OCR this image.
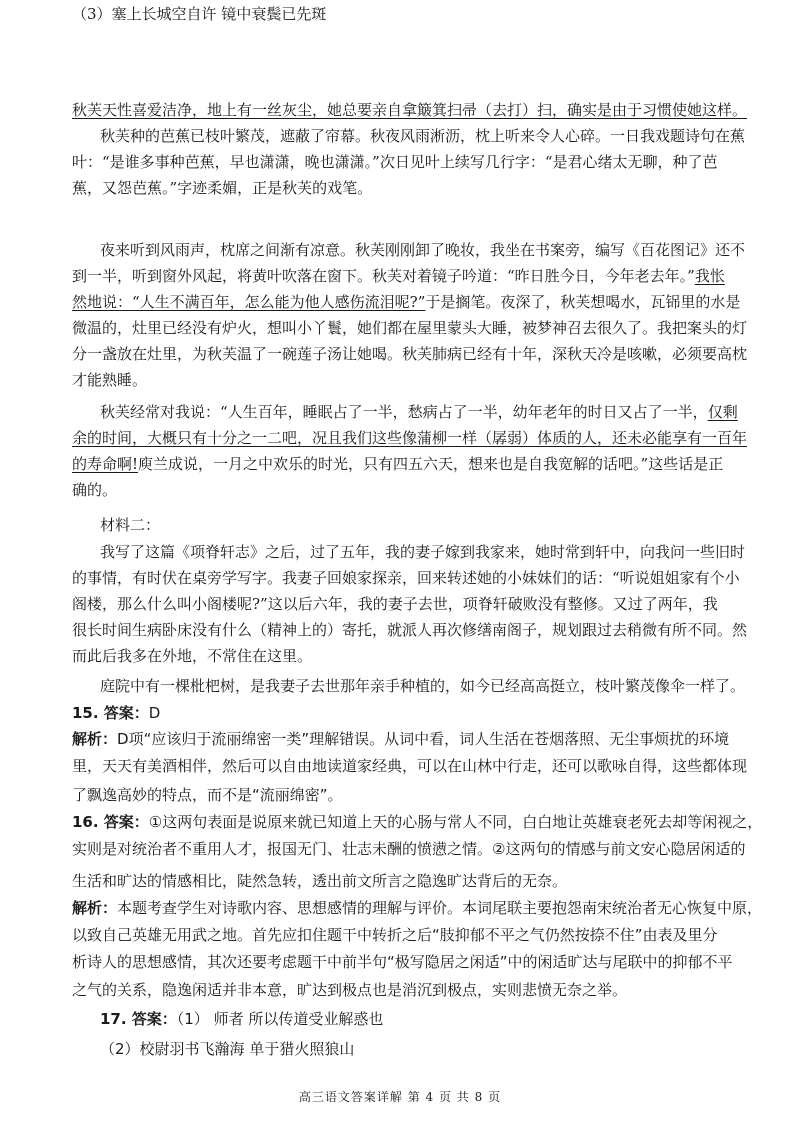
秋芙天性喜爱洁净，地上有一丝灰尘，她总要亲自拿簸箕扫帚（去打）扫，确实是由于习惯使她这样。
秋芙种的芭蕉已枝叶繁茂，遮蔽了帘幕。秋夜风雨淅沥，枕上听来令人心碎。一日我戏题诗句在蕉
叶：“是谁多事种芭蕉，早也潇潇，晚也潇潇。”次日见叶上续写几行字：“是君心绪太无聊，种了芭
蕉，又怨芭蕉。”字迹柔媚，正是秋芙的戏笔。
夜来听到风雨声，枕席之间渐有凉意。秋芙刚刚卸了晚妆，我坐在书案旁，编写《百花图记》还不
到一半，听到窗外风起，将黄叶吹落在窗下。秋芙对着镜子吟道：“昨日胜今日，今年老去年。”我怅
然地说：“人生不满百年，怎么能为他人感伤流泪呢?”于是搁笔。夜深了，秋芙想喝水，瓦铞里的水是
微温的，灶里已经没有炉火，想叫小丫鬟，她们都在屋里蒙头大睡，被梦神召去很久了。我把案头的灯
分一盏放在灶里，为秋芙温了一碗莲子汤让她喝。秋芙肺病已经有十年，深秋天冷是咳嗽，必须要高枕
才能熟睡。
秋芙经常对我说：“人生百年，睡眠占了一半，愁病占了一半，幼年老年的时日又占了一半，仅剩
余的时间，大概只有十分之一二吧，况且我们这些像蒲柳一样（孱弱）体质的人，还未必能享有一百年
的寿命啊!庾兰成说，一月之中欢乐的时光，只有四五六天，想来也是自我宽解的话吧。”这些话是正
确的。
材料二：
我写了这篇《项脊轩志》之后，过了五年，我的妻子嫁到我家来，她时常到轩中，向我问一些旧时
的事情，有时伏在桌旁学写字。我妻子回娘家探亲，回来转述她的小妹妹们的话：“听说姐姐家有个小
阁楼，那么什么叫小阁楼呢?”这以后六年，我的妻子去世，项脊轩破败没有整修。又过了两年，我
很长时间生病卧床没有什么（精神上的）寄托，就派人再次修缮南阁子，规划跟过去稍微有所不同。然
而此后我多在外地，不常住在这里。
庭院中有一棵枇杷树，是我妻子去世那年亲手种植的，如今已经高高挺立，枝叶繁茂像伞一样了。
15. 答案：D
解析：D项“应该归于流丽绵密一类”理解错误。从词中看，词人生活在苍烟落照、无尘事烦扰的环境
里，天天有美酒相伴，然后可以自由地读道家经典，可以在山林中行走，还可以歌咏自得，这些都体现
了飘逸高妙的特点，而不是“流丽绵密”。
16. 答案：①这两句表面是说原来就已知道上天的心肠与常人不同，白白地让英雄衰老死去却等闲视之，
实则是对统治者不重用人才，报国无门、壮志未酬的愤懑之情。②这两句的情感与前文安心隐居闲适的
生活和旷达的情感相比，陡然急转，透出前文所言之隐逸旷达背后的无奈。
解析：本题考查学生对诗歌内容、思想感情的理解与评价。本词尾联主要抱怨南宋统治者无心恢复中原，
以致自己英雄无用武之地。首先应扣住题干中转折之后“肢抑郁不平之气仍然按捺不住”由表及里分
析诗人的思想感情，其次还要考虑题干中前半句“极写隐居之闲适”中的闲适旷达与尾联中的抑郁不平
之气的关系，隐逸闲适并非本意，旷达到极点也是消沉到极点，实则悲愤无奈之举。
17. 答案：（1） 师者 所以传道受业解惑也
（2）校尉羽书飞瀚海 单于猎火照狼山
（3）塞上长城空自许 镜中衰鬓已先斑
高三语文答案详解 第 4 页 共 8 页
